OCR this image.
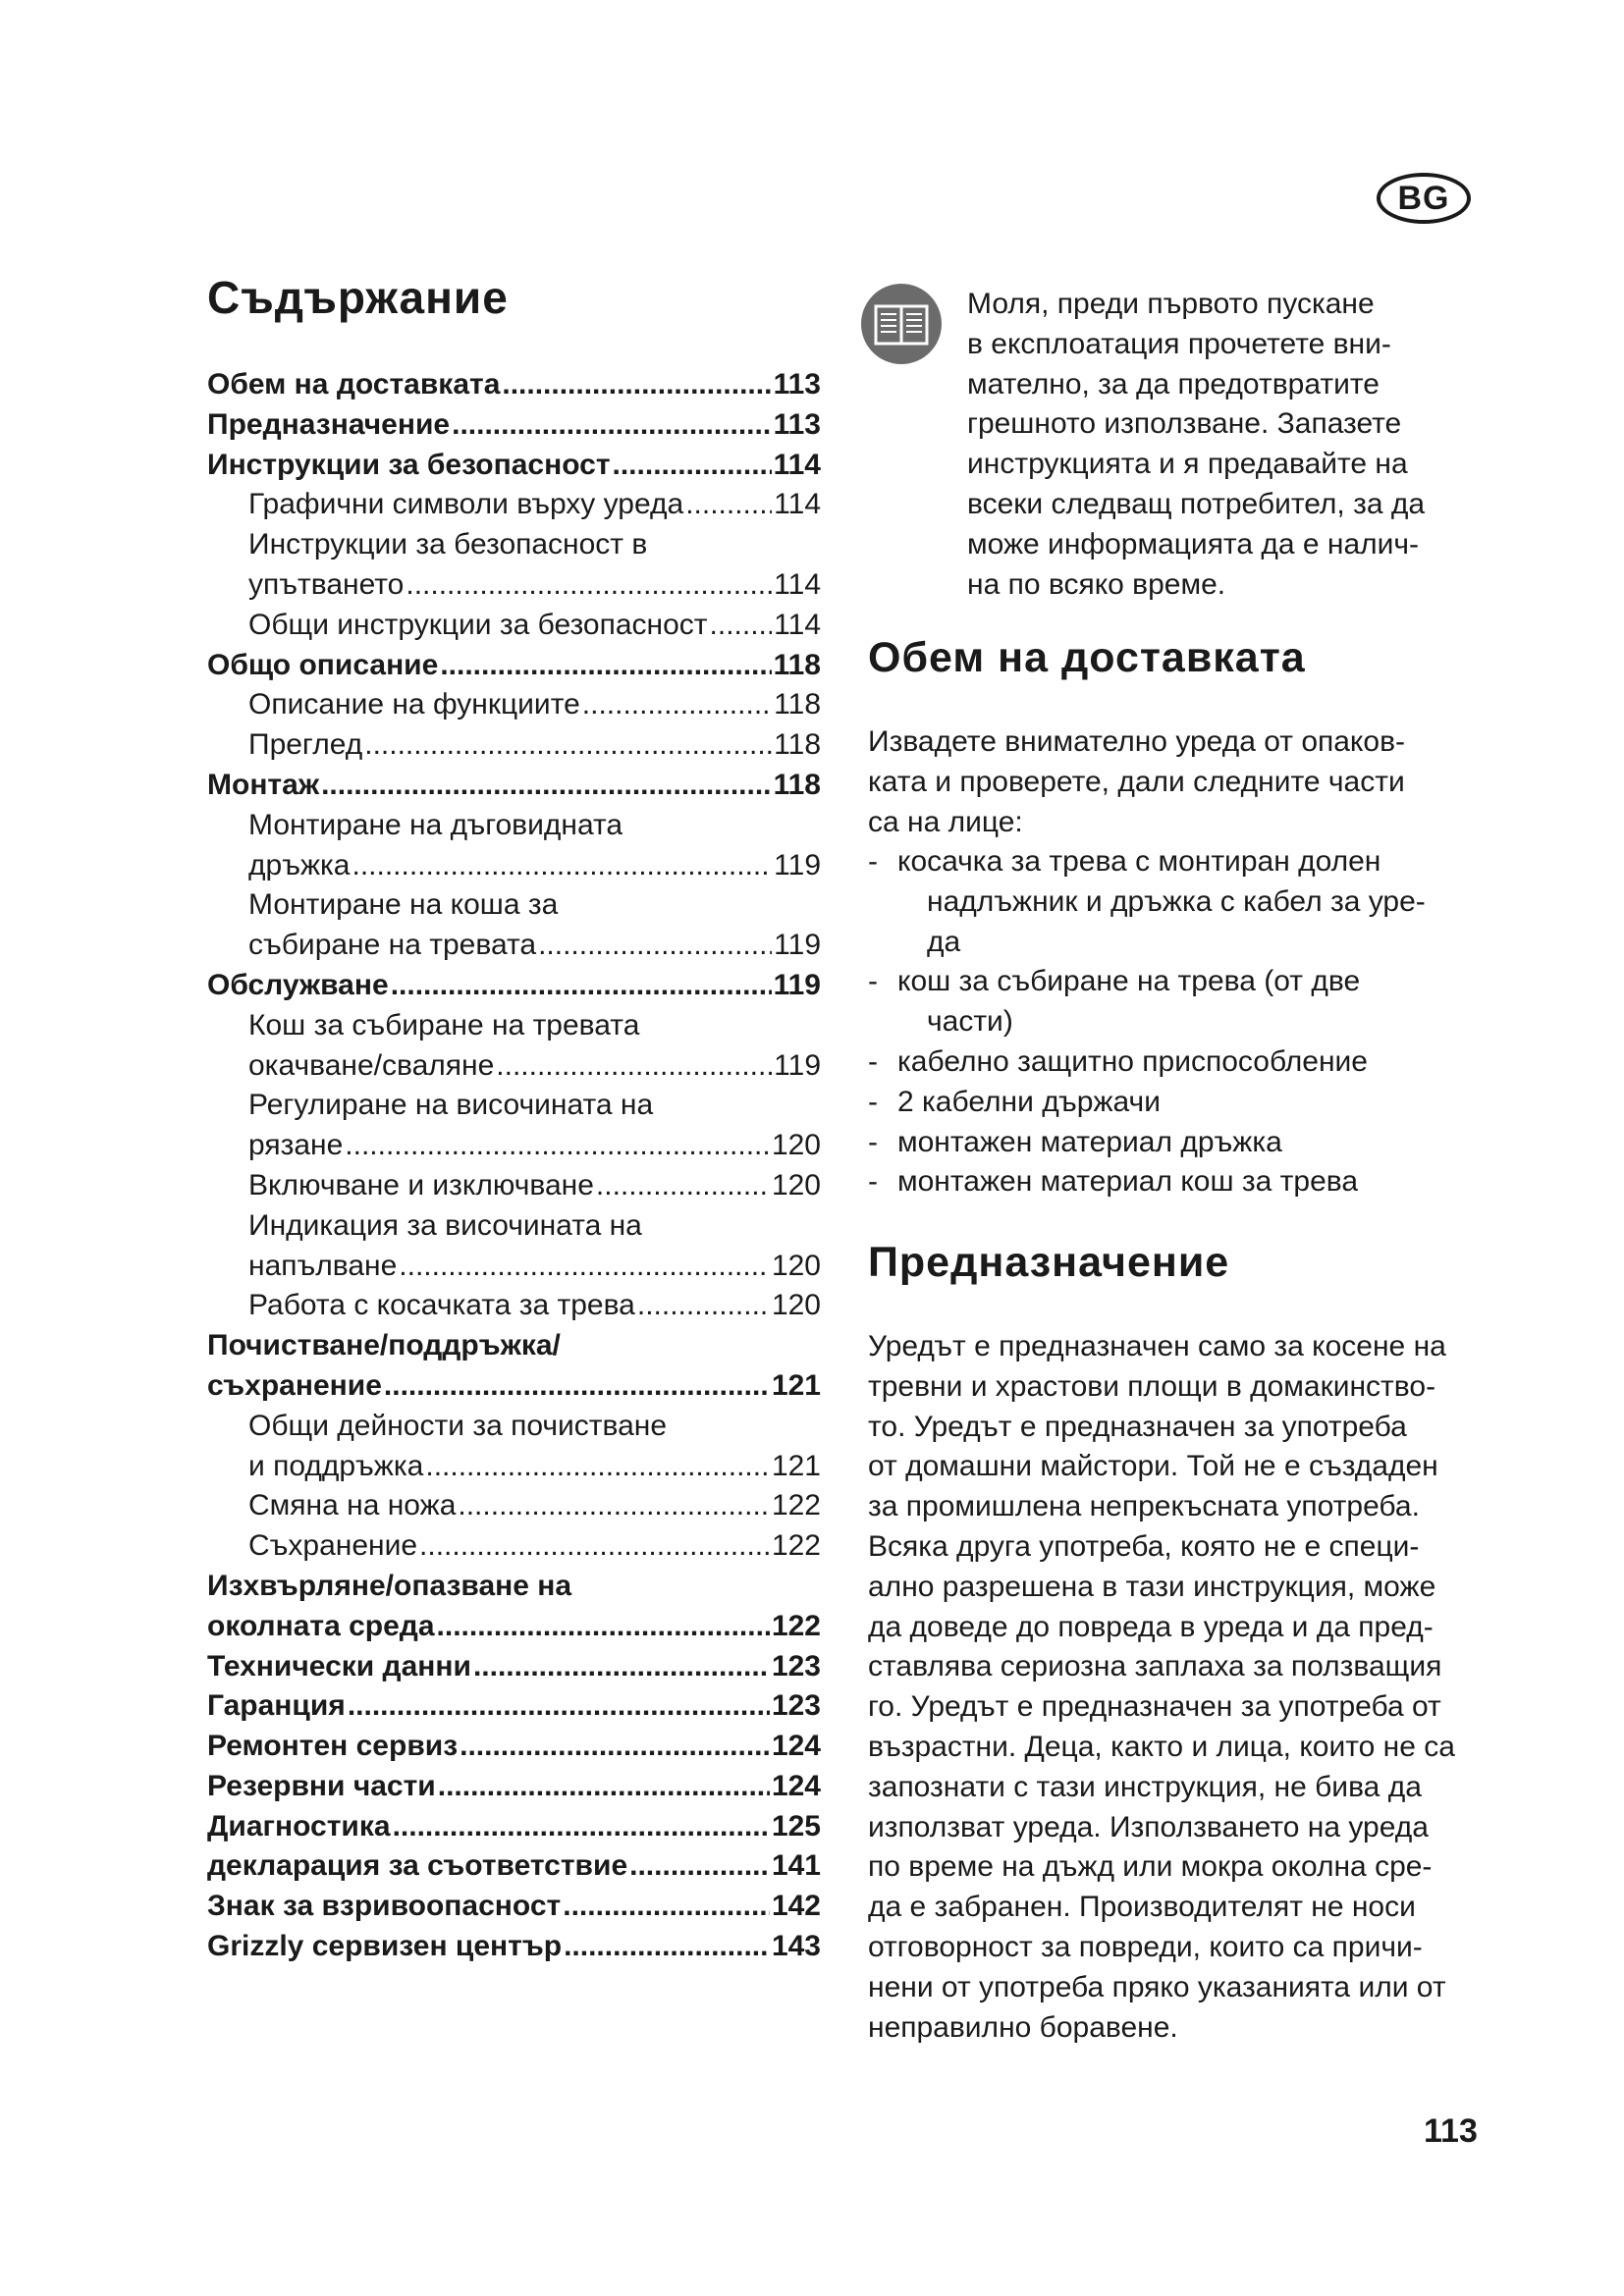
BG
Съдържание
Обем на доставката .....	113
Предназначение .....	113
Инструкции за безопасност .....	114
Графични символи върху уреда .....	114
Инструкции за безопасност в
упътването .....	114
Общи инструкции за безопасност ..... 114
Общо описание .....	118
Описание на функциите .....	118
Преглед .....	118
Монтаж .....	118
Монтиране на дъговидната
дръжка .....	119
Монтиране на коша за
събиране на тревата .....	119
Обслужване .....	119
Кош за събиране на тревата
окачване/сваляне .....	119
Регулиране на височината на
рязане .....	120
Включване и изключване .....	120
Индикация за височината на
напълване .....	120
Работа с косачката за трева .....	120
Почистване/поддръжка/
съхранение .....	121
Общи дейности за почистване
и поддръжка .....	121
Смяна на ножа .....	122
Съхранение .....	122
Изхвърляне/опазване на
околната среда .....	122
Технически данни .....	123
Гаранция .....	123
Ремонтен сервиз .....	124
Резервни части .....	124
Диагностика .....	125
декларация за съответствие .....	141
Знак за взривоопасност .....	142
Grizzly сервизен център .....	143
Моля, преди първото пускане
в експлоатация прочетете вни-
мателно, за да предотвратите
грешното използване. Запазете
инструкцията и я предавайте на
всеки следващ потребител, за да
може информацията да е налич-
на по всяко време.
Обем на доставката
Извадете внимателно уреда от опаков-
ката и проверете, дали следните части
са на лице:
- косачка за трева с монтиран долен
надлъжник и дръжка с кабел за уре-
да
- кош за събиране на трева (от две
части)
- кабелно защитно приспособление
- 2 кабелни държачи
- монтажен материал дръжка
- монтажен материал кош за трева
Предназначение
Уредът е предназначен само за косене на
тревни и храстови площи в домакинство-
то. Уредът е предназначен за употреба
от домашни майстори. Той не е създаден
за промишлена непрекъсната употреба.
Всяка друга употреба, която не е специ-
ално разрешена в тази инструкция, може
да доведе до повреда в уреда и да пред-
ставлява сериозна заплаха за ползващия
го. Уредът е предназначен за употреба от
възрастни. Деца, както и лица, които не са
запознати с тази инструкция, не бива да
използват уреда. Използването на уреда
по време на дъжд или мокра околна сре-
да е забранен. Производителят не носи
отговорност за повреди, които са причи-
нени от употреба пряко указанията или от
неправилно боравене.
113
